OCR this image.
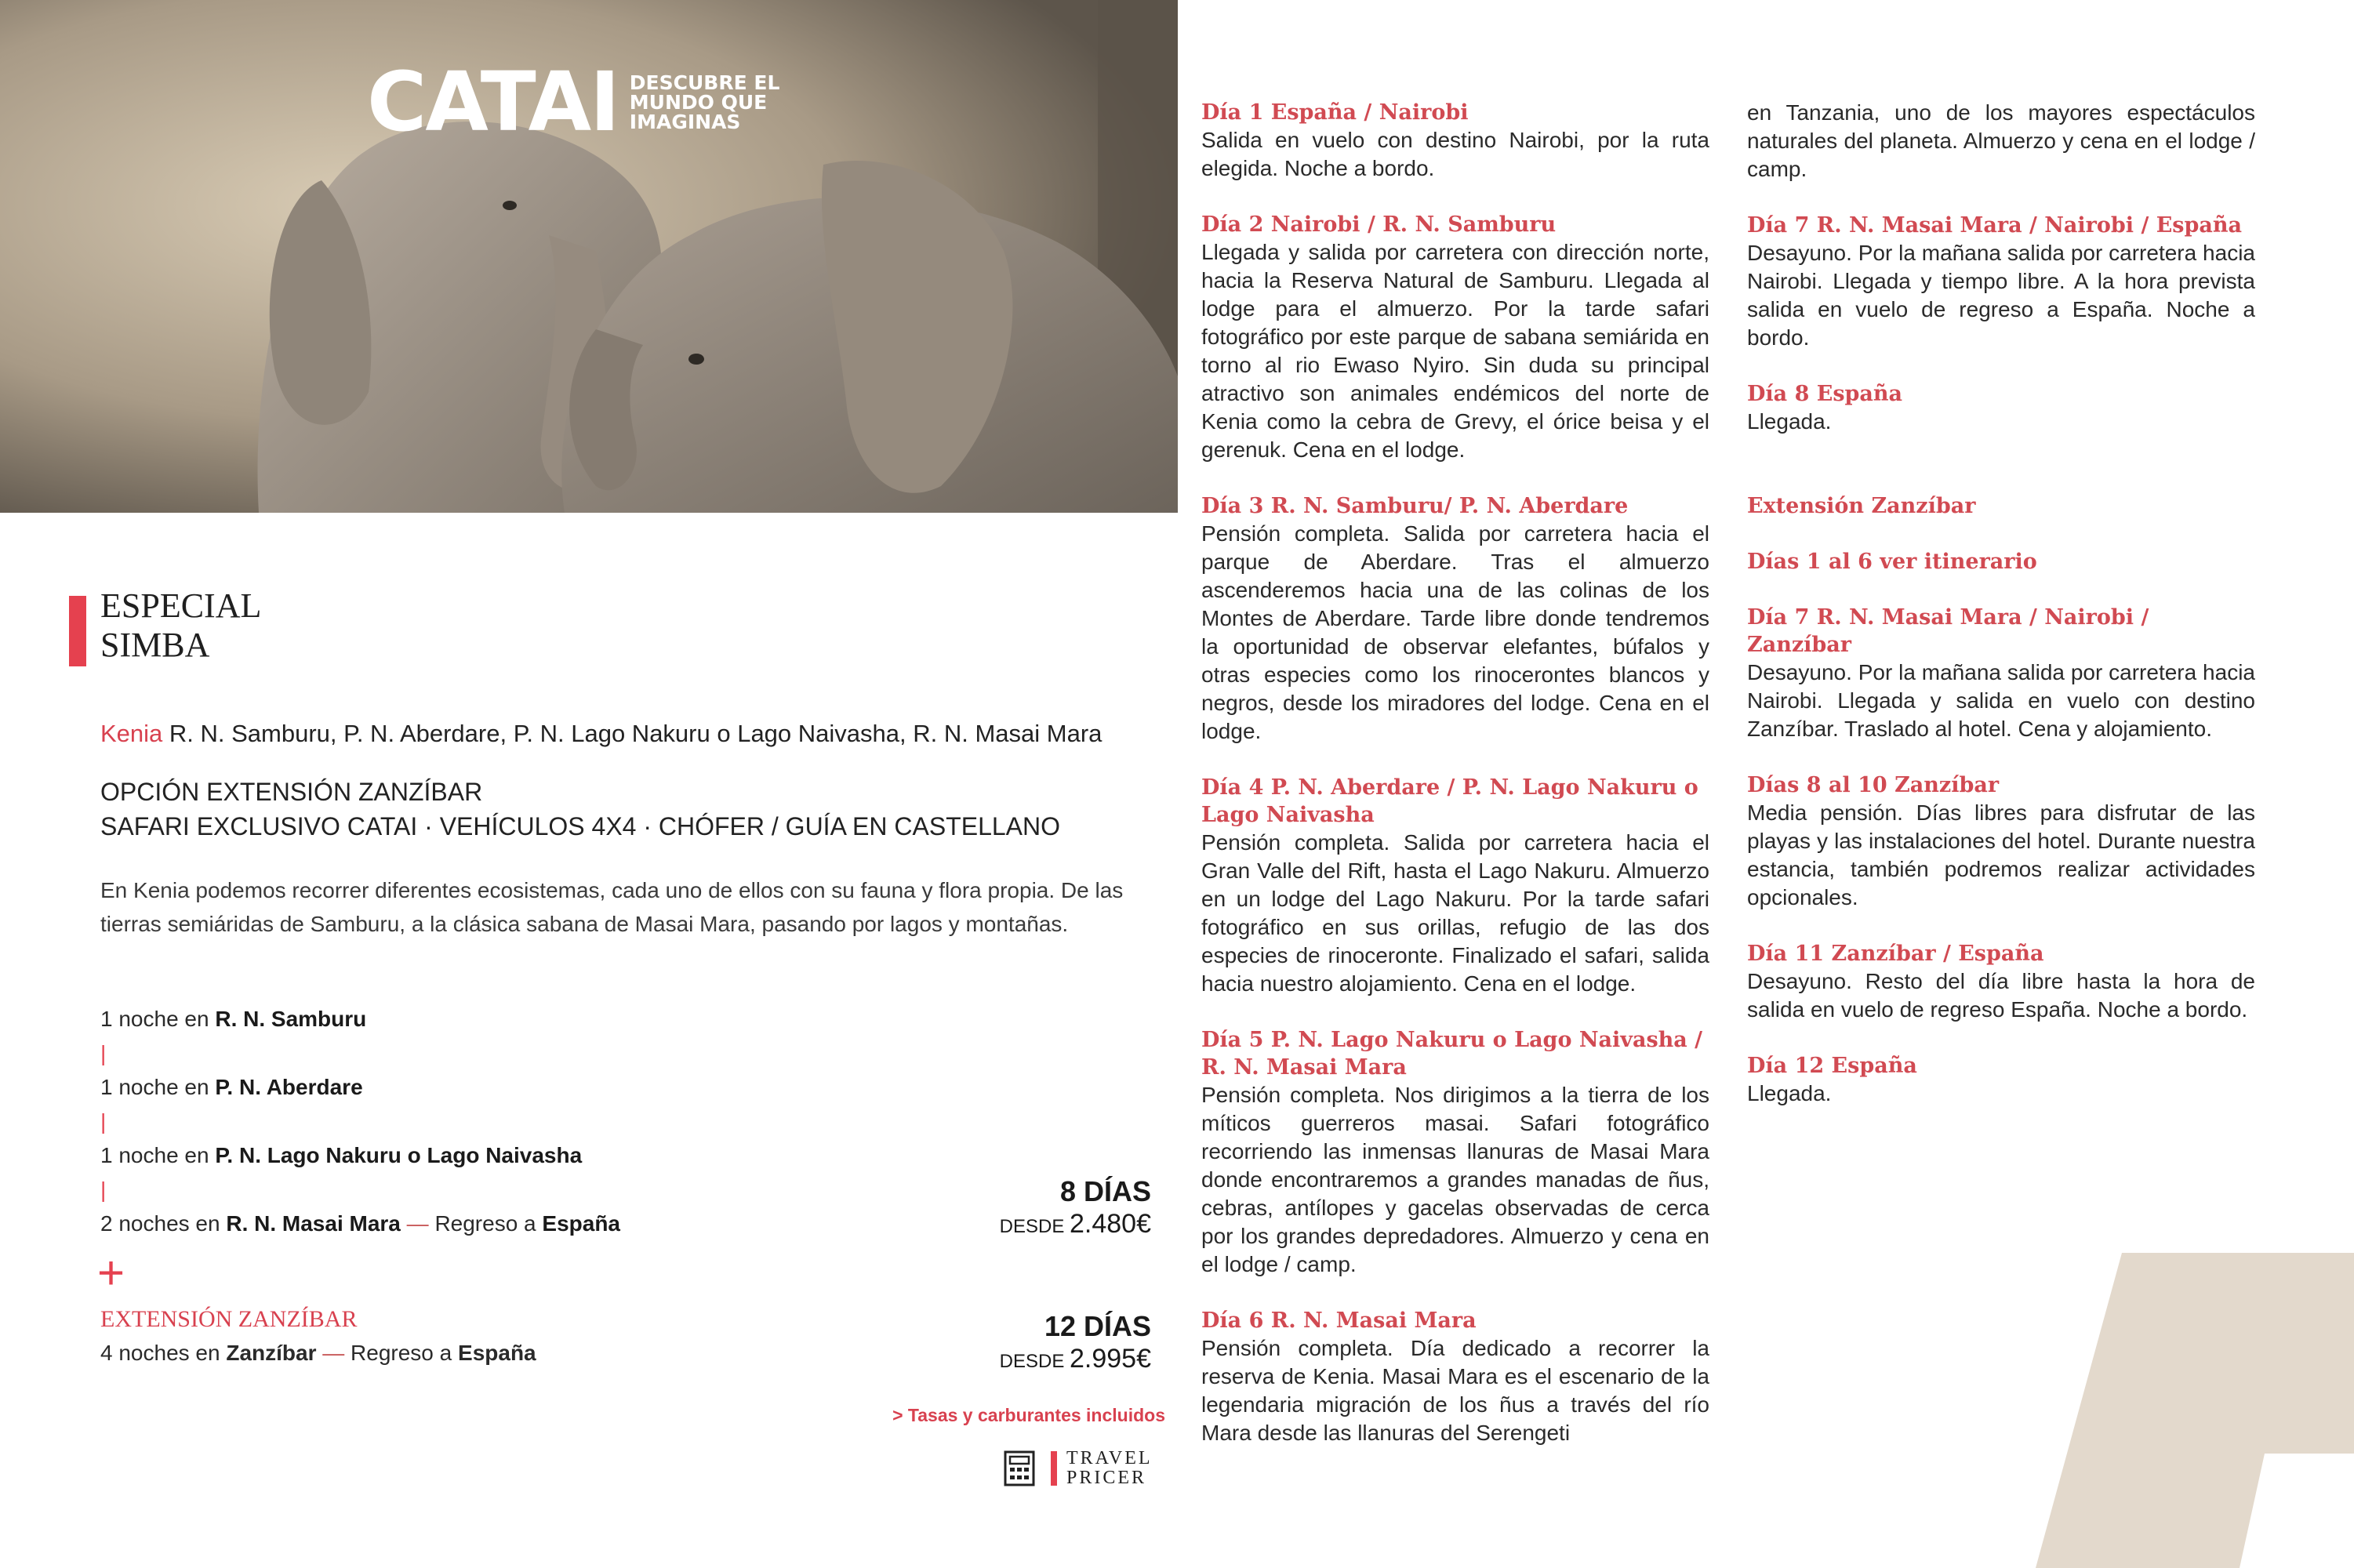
CATAI DESCUBRE EL
MUNDO QUE
IMAGINAS
ESPECIAL
SIMBA
Kenia R. N. Samburu, P. N. Aberdare, P. N. Lago Nakuru o Lago Naivasha, R. N. Masai Mara
OPCIÓN EXTENSIÓN ZANZÍBAR
SAFARI EXCLUSIVO CATAI · VEHÍCULOS 4X4 · CHÓFER / GUÍA EN CASTELLANO
En Kenia podemos recorrer diferentes ecosistemas, cada uno de ellos con su fauna y flora propia. De las tierras semiáridas de Samburu, a la clásica sabana de Masai Mara, pasando por lagos y montañas.
1 noche en R. N. Samburu
|
1 noche en P. N. Aberdare
|
1 noche en P. N. Lago Nakuru o Lago Naivasha
|
2 noches en R. N. Masai Mara — Regreso a España
+
EXTENSIÓN ZANZÍBAR
4 noches en Zanzíbar — Regreso a España
8 DÍAS
DESDE 2.480€
12 DÍAS
DESDE 2.995€
> Tasas y carburantes incluidos
TRAVEL
PRICER
Día 1 España / Nairobi
Salida en vuelo con destino Nairobi, por la ruta elegida. Noche a bordo.
Día 2 Nairobi / R. N. Samburu
Llegada y salida por carretera con dirección norte, hacia la Reserva Natural de Samburu. Llegada al lodge para el almuerzo. Por la tarde safari fotográfico por este parque de sabana semiárida en torno al rio Ewaso Nyiro. Sin duda su principal atractivo son animales endémicos del norte de Kenia como la cebra de Grevy, el órice beisa y el gerenuk. Cena en el lodge.
Día 3 R. N. Samburu/ P. N. Aberdare
Pensión completa. Salida por carretera hacia el parque de Aberdare. Tras el almuerzo ascenderemos hacia una de las colinas de los Montes de Aberdare. Tarde libre donde tendremos la oportunidad de observar elefantes, búfalos y otras especies como los rinocerontes blancos y negros, desde los miradores del lodge. Cena en el lodge.
Día 4 P. N. Aberdare / P. N. Lago Nakuru o Lago Naivasha
Pensión completa. Salida por carretera hacia el Gran Valle del Rift, hasta el Lago Nakuru. Almuerzo en un lodge del Lago Nakuru. Por la tarde safari fotográfico en sus orillas, refugio de las dos especies de rinoceronte. Finalizado el safari, salida hacia nuestro alojamiento. Cena en el lodge.
Día 5 P. N. Lago Nakuru o Lago Naivasha / R. N. Masai Mara
Pensión completa. Nos dirigimos a la tierra de los míticos guerreros masai. Safari fotográfico recorriendo las inmensas llanuras de Masai Mara donde encontraremos a grandes manadas de ñus, cebras, antílopes y gacelas observadas de cerca por los grandes depredadores. Almuerzo y cena en el lodge / camp.
Día 6 R. N. Masai Mara
Pensión completa. Día dedicado a recorrer la reserva de Kenia. Masai Mara es el escenario de la legendaria migración de los ñus a través del río Mara desde las llanuras del Serengeti
en Tanzania, uno de los mayores espectáculos naturales del planeta. Almuerzo y cena en el lodge / camp.
Día 7 R. N. Masai Mara / Nairobi / España
Desayuno. Por la mañana salida por carretera hacia Nairobi. Llegada y tiempo libre. A la hora prevista salida en vuelo de regreso a España. Noche a bordo.
Día 8 España
Llegada.
Extensión Zanzíbar
Días 1 al 6 ver itinerario
Día 7 R. N. Masai Mara / Nairobi / Zanzíbar
Desayuno. Por la mañana salida por carretera hacia Nairobi. Llegada y salida en vuelo con destino Zanzíbar. Traslado al hotel. Cena y alojamiento.
Días 8 al 10 Zanzíbar
Media pensión. Días libres para disfrutar de las playas y las instalaciones del hotel. Durante nuestra estancia, también podremos realizar actividades opcionales.
Día 11 Zanzíbar / España
Desayuno. Resto del día libre hasta la hora de salida en vuelo de regreso España. Noche a bordo.
Día 12 España
Llegada.
